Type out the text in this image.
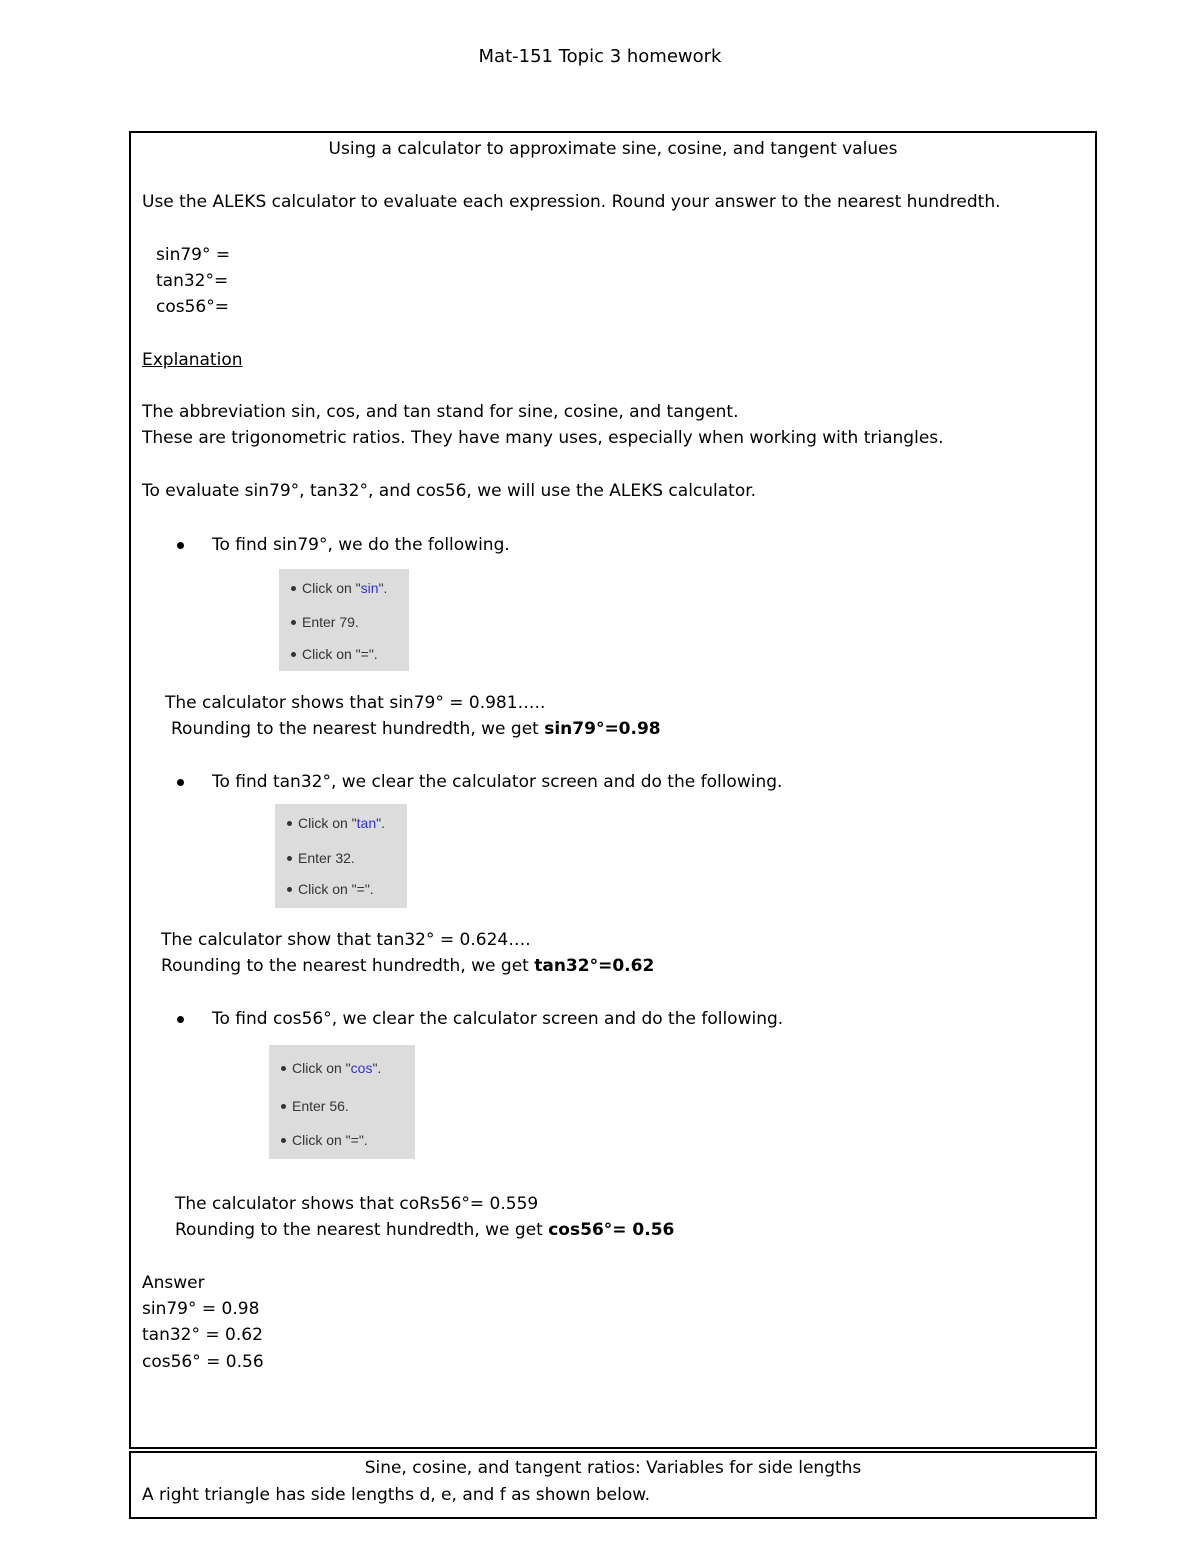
Mat-151 Topic 3 homework
Using a calculator to approximate sine, cosine, and tangent values
Use the ALEKS calculator to evaluate each expression. Round your answer to the nearest hundredth.
sin79° =
tan32°=
cos56°=
Explanation
The abbreviation sin, cos, and tan stand for sine, cosine, and tangent.
These are trigonometric ratios. They have many uses, especially when working with triangles.
To evaluate sin79°, tan32°, and cos56, we will use the ALEKS calculator.
To find sin79°, we do the following.
Click on "sin".
Enter 79.
Click on "=".
The calculator shows that sin79° = 0.981…..
Rounding to the nearest hundredth, we get sin79°=0.98
To find tan32°, we clear the calculator screen and do the following.
Click on "tan".
Enter 32.
Click on "=".
The calculator show that tan32° = 0.624….
Rounding to the nearest hundredth, we get tan32°=0.62
To find cos56°, we clear the calculator screen and do the following.
Click on "cos".
Enter 56.
Click on "=".
The calculator shows that coRs56°= 0.559
Rounding to the nearest hundredth, we get cos56°= 0.56
Answer
sin79° = 0.98
tan32° = 0.62
cos56° = 0.56
Sine, cosine, and tangent ratios: Variables for side lengths
A right triangle has side lengths d, e, and f as shown below.
